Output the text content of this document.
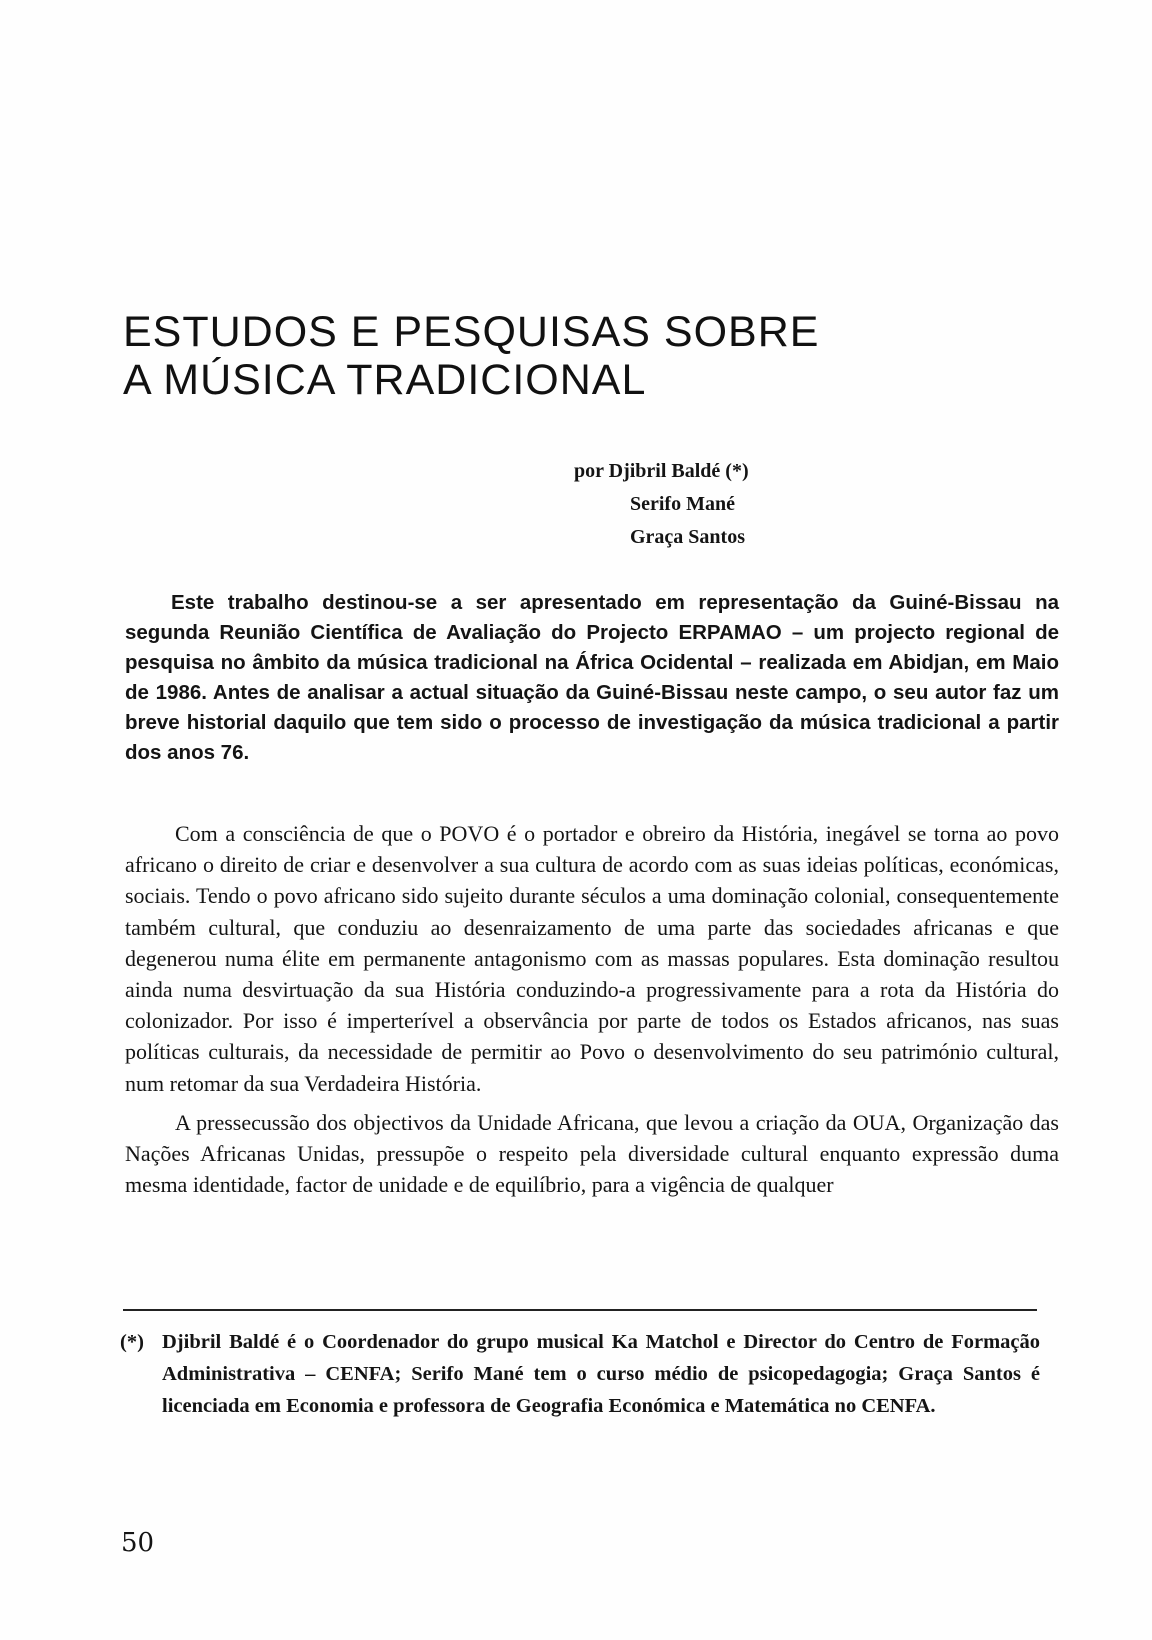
ESTUDOS E PESQUISAS SOBRE
A MÚSICA TRADICIONAL
por Djibril Baldé (*)
Serifo Mané
Graça Santos
Este trabalho destinou-se a ser apresentado em representação da Guiné-Bissau na segunda Reunião Científica de Avaliação do Projecto ERPAMAO – um projecto regional de pesquisa no âmbito da música tradicional na África Ocidental – realizada em Abidjan, em Maio de 1986. Antes de analisar a actual situação da Guiné-Bissau neste campo, o seu autor faz um breve historial daquilo que tem sido o processo de investigação da música tradicional a partir dos anos 76.

Com a consciência de que o POVO é o portador e obreiro da História, inegável se torna ao povo africano o direito de criar e desenvolver a sua cultura de acordo com as suas ideias políticas, económicas, sociais. Tendo o povo africano sido sujeito durante séculos a uma dominação colonial, consequentemente também cultural, que conduziu ao desenraizamento de uma parte das sociedades africanas e que degenerou numa élite em permanente antagonismo com as massas populares. Esta dominação resultou ainda numa desvirtuação da sua História conduzindo-a progressivamente para a rota da História do colonizador. Por isso é imperterível a observância por parte de todos os Estados africanos, nas suas políticas culturais, da necessidade de permitir ao Povo o desenvolvimento do seu património cultural, num retomar da sua Verdadeira História.

A pressecussão dos objectivos da Unidade Africana, que levou a criação da OUA, Organização das Nações Africanas Unidas, pressupõe o respeito pela diversidade cultural enquanto expressão duma mesma identidade, factor de unidade e de equilíbrio, para a vigência de qualquer

(*) Djibril Baldé é o Coordenador do grupo musical Ka Matchol e Director do Centro de Formação Administrativa – CENFA; Serifo Mané tem o curso médio de psicopedagogia; Graça Santos é licenciada em Economia e professora de Geografia Económica e Matemática no CENFA.
50
